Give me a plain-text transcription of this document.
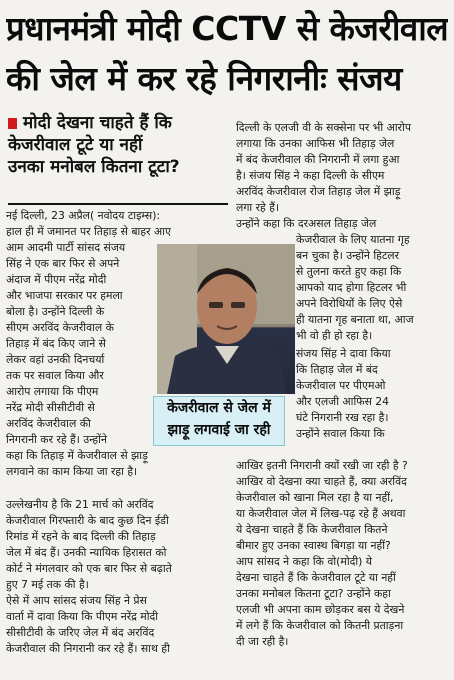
प्रधानमंत्री मोदी CCTV से केजरीवाल
की जेल में कर रहे निगरानीः संजय
मोदी देखना चाहते हैं कि
केजरीवाल टूटे या नहीं
उनका मनोबल कितना टूटा?
नई दिल्ली, 23 अप्रैल( नवोदय टाइम्स):
हाल ही में जमानत पर तिहाड़ से बाहर आए
आम आदमी पार्टी सांसद संजय
सिंह ने एक बार फिर से अपने
अंदाज में पीएम नरेंद्र मोदी
और भाजपा सरकार पर हमला
बोला है। उन्होंने दिल्ली के
सीएम अरविंद केजरीवाल के
तिहाड़ में बंद किए जाने से
लेकर वहां उनकी दिनचर्या
तक पर सवाल किया और
आरोप लगाया कि पीएम
नरेंद्र मोदी सीसीटीवी से
अरविंद केजरीवाल की
निगरानी कर रहे हैं। उन्होंने
कहा कि तिहाड़ में केजरीवाल से झाड़ू
लगवाने का काम किया जा रहा है।
केजरीवाल से जेल में
झाड़ू लगवाई जा रही
उल्लेखनीय है कि 21 मार्च को अरविंद
केजरीवाल गिरफ्तारी के बाद कुछ दिन ईडी
रिमांड में रहने के बाद दिल्ली की तिहाड़
जेल में बंद हैं। उनकी न्यायिक हिरासत को
कोर्ट ने मंगलवार को एक बार फिर से बढ़ाते
हुए 7 मई तक की है।
ऐसे में आप सांसद संजय सिंह ने प्रेस
वार्ता में दावा किया कि पीएम नरेंद्र मोदी
सीसीटीवी के जरिए जेल में बंद अरविंद
केजरीवाल की निगरानी कर रहे हैं। साथ ही
दिल्ली के एलजी वी के सक्सेना पर भी आरोप
लगाया कि उनका आफिस भी तिहाड़ जेल
में बंद केजरीवाल की निगरानी में लगा हुआ
है। संजय सिंह ने कहा दिल्ली के सीएम
अरविंद केजरीवाल रोज तिहाड़ जेल में झाड़ू
लगा रहे हैं।
उन्होंने कहा कि दरअसल तिहाड़ जेल
केजरीवाल के लिए यातना गृह
बन चुका है। उन्होंने हिटलर
से तुलना करते हुए कहा कि
आपको याद होगा हिटलर भी
अपने विरोधियों के लिए ऐसे
ही यातना गृह बनाता था, आज
भी वो ही हो रहा है।
संजय सिंह ने दावा किया
कि तिहाड़ जेल में बंद
केजरीवाल पर पीएमओ
और एलजी आफिस 24
घंटे निगरानी रख रहा है।
उन्होंने सवाल किया कि
आखिर इतनी निगरानी क्यों रखी जा रही है ?
आखिर वो देखना क्या चाहते हैं, क्या अरविंद
केजरीवाल को खाना मिल रहा है या नहीं,
या केजरीवाल जेल में लिख-पढ़ रहे हैं अथवा
ये देखना चाहते हैं कि केजरीवाल कितने
बीमार हुए उनका स्वास्थ बिगड़ा या नहीं?
आप सांसद ने कहा कि वो(मोदी) ये
देखना चाहते हैं कि केजरीवाल टूटे या नहीं
उनका मनोबल कितना टूटा? उन्होंने कहा
एलजी भी अपना काम छोड़कर बस ये देखने
में लगे हैं कि केजरीवाल को कितनी प्रताड़ना
दी जा रही है।
